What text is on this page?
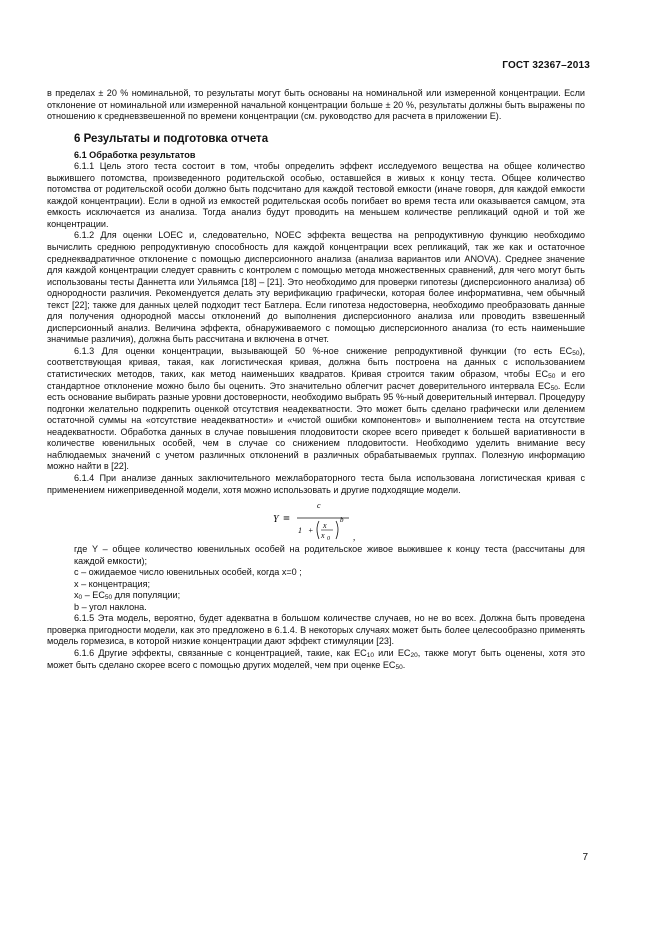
ГОСТ 32367–2013

в пределах ± 20 % номинальной, то результаты могут быть основаны на номинальной или измеренной концентрации. Если отклонение от номинальной или измеренной начальной концентрации больше ± 20 %, результаты должны быть выражены по отношению к средневзвешенной по времени концентрации (см. руководство для расчета в приложении Е).

6 Результаты и подготовка отчета
6.1 Обработка результатов

6.1.1 Цель этого теста состоит в том, чтобы определить эффект исследуемого вещества на общее количество выжившего потомства, произведенного родительской особью, оставшейся в живых к концу теста. Общее количество потомства от родительской особи должно быть подсчитано для каждой тестовой емкости (иначе говоря, для каждой емкости каждой концентрации). Если в одной из емкостей родительская особь погибает во время теста или оказывается самцом, эта емкость исключается из анализа. Тогда анализ будут проводить на меньшем количестве репликаций одной и той же концентрации.

6.1.2 Для оценки LOEC и, следовательно, NOEC эффекта вещества на репродуктивную функцию необходимо вычислить среднюю репродуктивную способность для каждой концентрации всех репликаций, так же как и остаточное среднеквадратичное отклонение с помощью дисперсионного анализа (анализа вариантов или ANOVA). Среднее значение для каждой концентрации следует сравнить с контролем с помощью метода множественных сравнений, для чего могут быть использованы тесты Даннетта или Уильямса [18] – [21]. Это необходимо для проверки гипотезы (дисперсионного анализа) об однородности различия. Рекомендуется делать эту верификацию графически, которая более информативна, чем обычный текст [22]; также для данных целей подходит тест Батлера. Если гипотеза недостоверна, необходимо преобразовать данные для получения однородной массы отклонений до выполнения дисперсионного анализа или проводить взвешенный дисперсионный анализ. Величина эффекта, обнаруживаемого с помощью дисперсионного анализа (то есть наименьшие значимые различия), должна быть рассчитана и включена в отчет.

6.1.3 Для оценки концентрации, вызывающей 50 %-ное снижение репродуктивной функции (то есть $EC_{50}$), соответствующая кривая, такая, как логистическая кривая, должна быть построена на данных с использованием статистических методов, таких, как метод наименьших квадратов. Кривая строится таким образом, чтобы $EC_{50}$ и его стандартное отклонение можно было бы оценить. Это значительно облегчит расчет доверительного интервала $EC_{50}$. Если есть основание выбирать разные уровни достоверности, необходимо выбрать 95 %-ный доверительный интервал. Процедуру подгонки желательно подкрепить оценкой отсутствия неадекватности. Это может быть сделано графически или делением остаточной суммы на «отсутствие неадекватности» и «чистой ошибки компонентов» и выполнением теста на отсутствие неадекватности. Обработка данных в случае повышения плодовитости скорее всего приведет к большей вариативности в количестве ювенильных особей, чем в случае со снижением плодовитости. Необходимо уделить внимание весу наблюдаемых значений с учетом различных отклонений в различных обрабатываемых группах. Полезную информацию можно найти в [22].

6.1.4 При анализе данных заключительного межлабораторного теста была использована логистическая кривая с применением нижеприведенной модели, хотя можно использовать и другие подходящие модели.

Y =
c
1 +
x
x 0
b
,

где Y – общее количество ювенильных особей на родительское живое выжившее к концу теста (рассчитаны для каждой емкости);

c – ожидаемое число ювенильных особей, когда x=0 ;

x – концентрация;

$x_0 - EC_{50}$ для популяции;

b – угол наклона.

6.1.5 Эта модель, вероятно, будет адекватна в большом количестве случаев, но не во всех. Должна быть проведена проверка пригодности модели, как это предложено в 6.1.4. В некоторых случаях может быть более целесообразно применять модель гормезиса, в которой низкие концентрации дают эффект стимуляции [23].

6.1.6 Другие эффекты, связанные с концентрацией, такие, как $EC_{10}$ или $EC_{20}$, также могут быть оценены, хотя это может быть сделано скорее всего с помощью других моделей, чем при оценке $EC_{50}$.

7
